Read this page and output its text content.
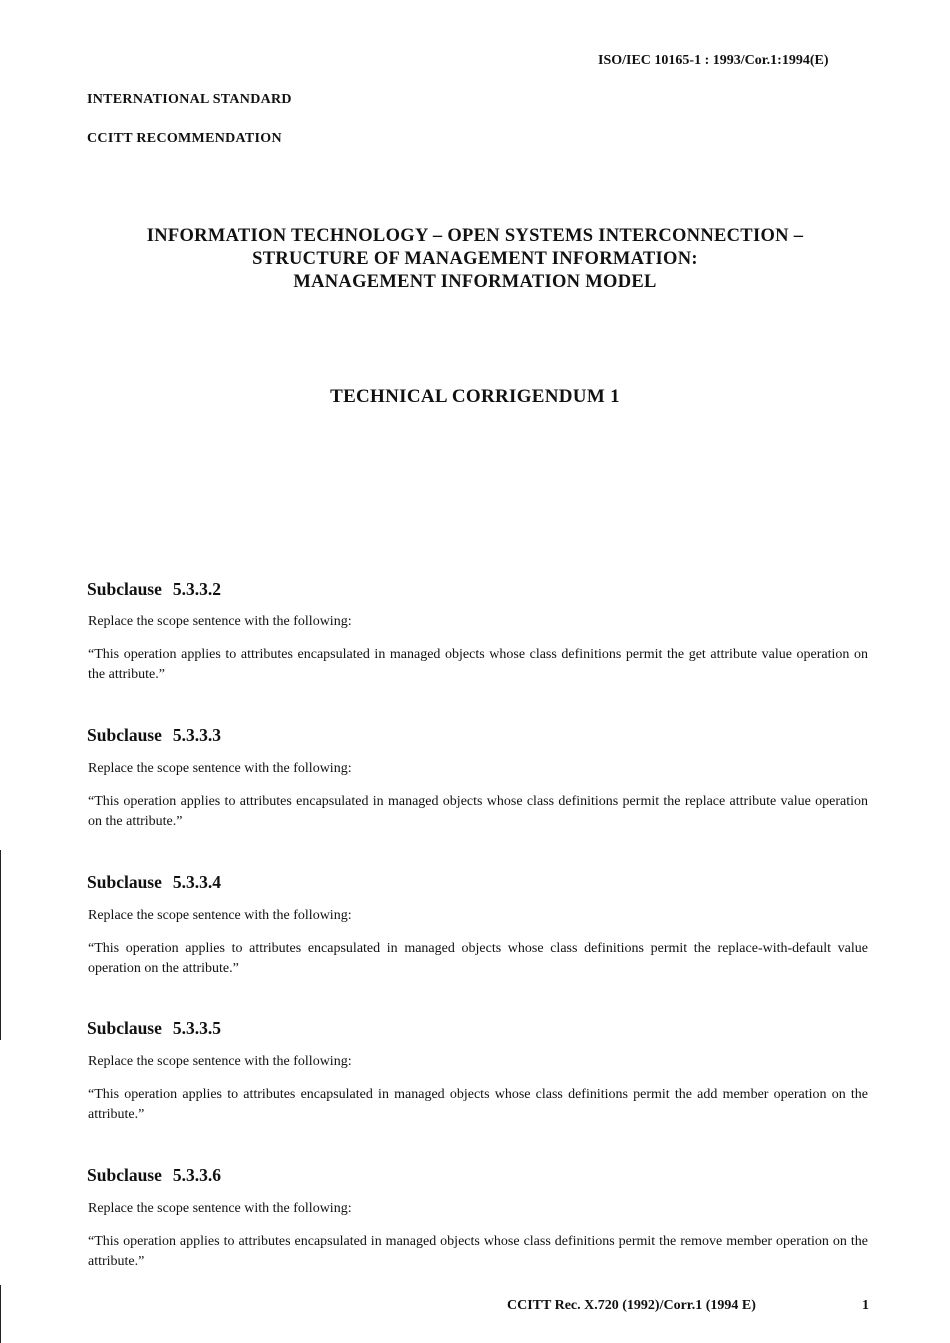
ISO/IEC 10165-1 : 1993/Cor.1:1994(E)
INTERNATIONAL STANDARD
CCITT RECOMMENDATION
INFORMATION TECHNOLOGY – OPEN SYSTEMS INTERCONNECTION –
STRUCTURE OF MANAGEMENT INFORMATION:
MANAGEMENT INFORMATION MODEL
TECHNICAL CORRIGENDUM 1
Subclause 5.3.3.2
Replace the scope sentence with the following:
“This operation applies to attributes encapsulated in managed objects whose class definitions permit the get attribute value operation on the attribute.”
Subclause 5.3.3.3
Replace the scope sentence with the following:
“This operation applies to attributes encapsulated in managed objects whose class definitions permit the replace attribute value operation on the attribute.”
Subclause 5.3.3.4
Replace the scope sentence with the following:
“This operation applies to attributes encapsulated in managed objects whose class definitions permit the replace-with-default value operation on the attribute.”
Subclause 5.3.3.5
Replace the scope sentence with the following:
“This operation applies to attributes encapsulated in managed objects whose class definitions permit the add member operation on the attribute.”
Subclause 5.3.3.6
Replace the scope sentence with the following:
“This operation applies to attributes encapsulated in managed objects whose class definitions permit the remove member operation on the attribute.”
CCITT Rec. X.720 (1992)/Corr.1 (1994 E)	1
